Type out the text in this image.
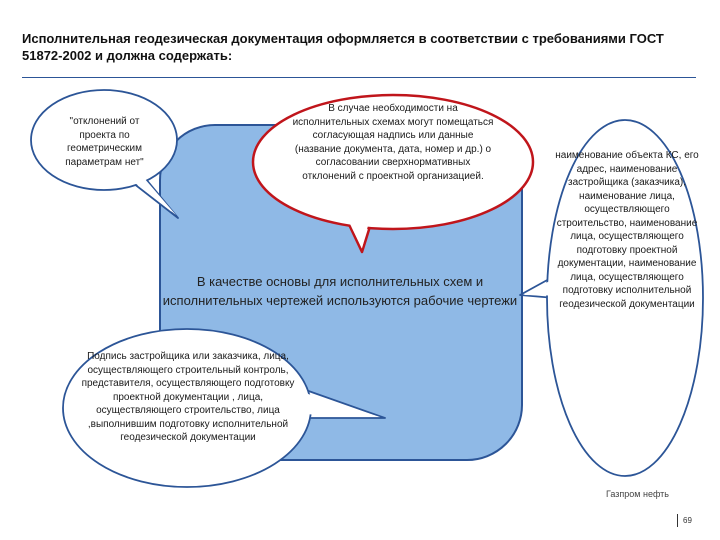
Исполнительная геодезическая документация оформляется в соответствии с требованиями ГОСТ 51872-2002 и должна содержать:
"отклонений от проекта по геометрическим параметрам нет"
В случае необходимости на исполнительных схемах могут помещаться согласующая надпись или данные (название документа, дата, номер и др.) о согласовании сверхнормативных отклонений с проектной организацией.
В качестве основы для исполнительных схем и исполнительных чертежей используются рабочие чертежи
Подпись застройщика или заказчика, лица, осуществляющего строительный контроль, представителя, осуществляющего подготовку проектной документации , лица, осуществляющего строительство, лица ,выполнившим подготовку исполнительной геодезической документации
наименование объекта КС, его адрес, наименование застройщика (заказчика), наименование лица, осуществляющего строительство, наименование лица, осуществляющего подготовку проектной документации, наименование лица, осуществляющего подготовку исполнительной геодезической документации
Газпром нефть
69
